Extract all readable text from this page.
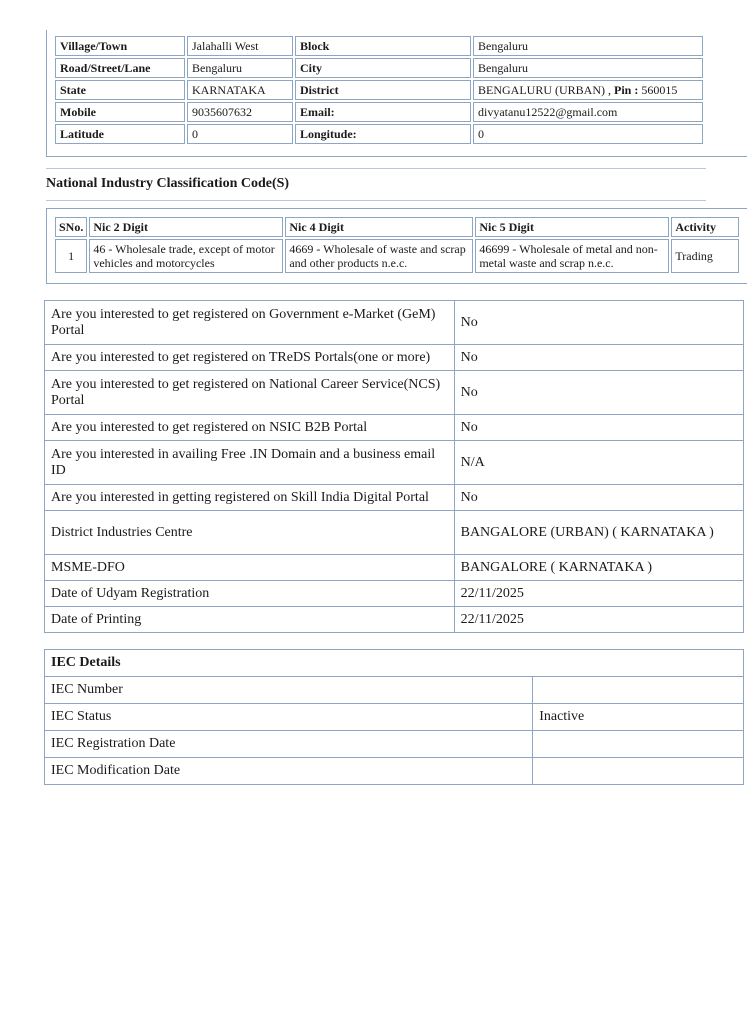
Village/Town	Jalahalli West	Block	Bengaluru
Road/Street/Lane	Bengaluru	City	Bengaluru
State	KARNATAKA	District	BENGALURU (URBAN) , Pin : 560015
Mobile	9035607632	Email:	divyatanu12522@gmail.com
Latitude	0	Longitude:	0
National Industry Classification Code(S)
SNo.	Nic 2 Digit	Nic 4 Digit	Nic 5 Digit	Activity
1	46 - Wholesale trade, except of motor vehicles and motorcycles	4669 - Wholesale of waste and scrap and other products n.e.c.	46699 - Wholesale of metal and non-metal waste and scrap n.e.c.	Trading
Are you interested to get registered on Government e-Market (GeM) Portal	No
Are you interested to get registered on TReDS Portals(one or more)	No
Are you interested to get registered on National Career Service(NCS) Portal	No
Are you interested to get registered on NSIC B2B Portal	No
Are you interested in availing Free .IN Domain and a business email ID	N/A
Are you interested in getting registered on Skill India Digital Portal	No
District Industries Centre	BANGALORE (URBAN) ( KARNATAKA )
MSME-DFO	BANGALORE ( KARNATAKA )
Date of Udyam Registration	22/11/2025
Date of Printing	22/11/2025
IEC Details	
IEC Number	
IEC Status	Inactive
IEC Registration Date	
IEC Modification Date	
